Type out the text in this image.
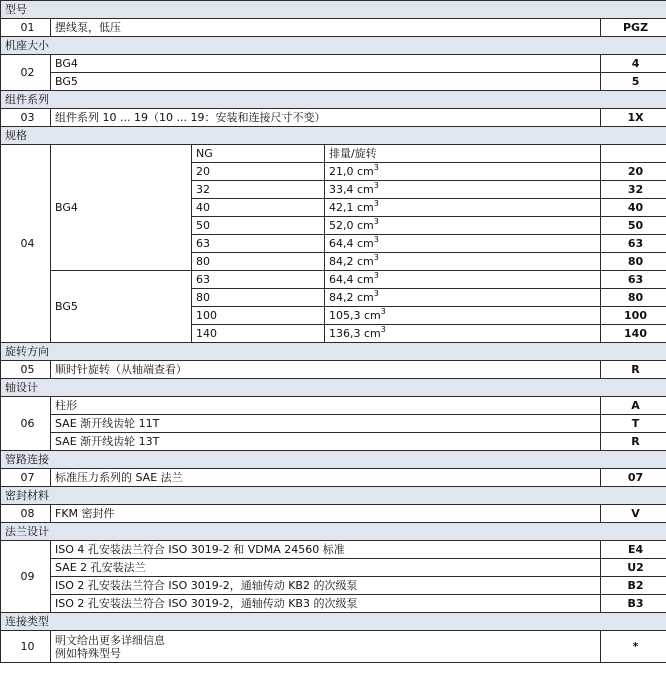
型号				
01	摆线泵，低压			PGZ
机座大小				
02	BG4			4
	BG5			5
组件系列				
03	组件系列 10 ... 19（10 ... 19：安装和连接尺寸不变）			1X
规格				
04	BG4	NG	排量/旋转	
		20	21,0 $cm^3$	20
		32	33,4 $cm^3$	32
		40	42,1 $cm^3$	40
		50	52,0 $cm^3$	50
		63	64,4 $cm^3$	63
		80	84,2 $cm^3$	80
	BG5	63	64,4 $cm^3$	63
		80	84,2 $cm^3$	80
		100	105,3 $cm^3$	100
		140	136,3 $cm^3$	140
旋转方向				
05	顺时针旋转（从轴端查看）			R
轴设计				
06	柱形			A
	SAE 渐开线齿轮 11T			T
	SAE 渐开线齿轮 13T			R
管路连接				
07	标准压力系列的 SAE 法兰			07
密封材料				
08	FKM 密封件			V
法兰设计				
09	ISO 4 孔安装法兰符合 ISO 3019-2 和 VDMA 24560 标准			E4
	SAE 2 孔安装法兰			U2
	ISO 2 孔安装法兰符合 ISO 3019-2，通轴传动 KB2 的次级泵			B2
	ISO 2 孔安装法兰符合 ISO 3019-2，通轴传动 KB3 的次级泵			B3
连接类型				
10	明文给出更多详细信息
例如特殊型号			*
